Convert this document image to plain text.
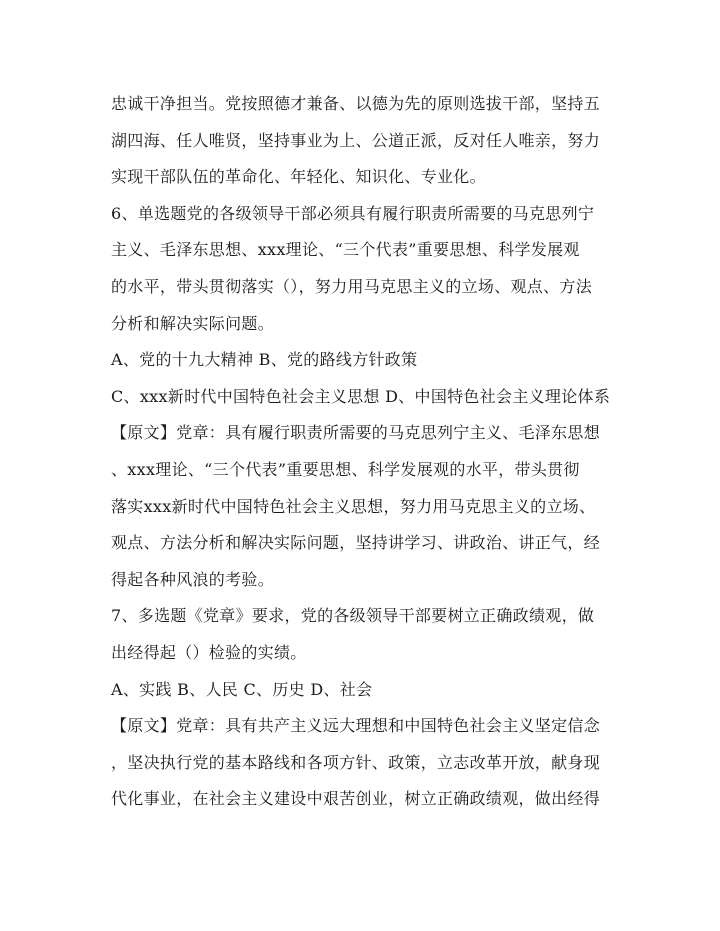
忠诚干净担当。党按照德才兼备、以德为先的原则选拔干部，坚持五
湖四海、任人唯贤，坚持事业为上、公道正派，反对任人唯亲，努力
实现干部队伍的革命化、年轻化、知识化、专业化。
6、单选题党的各级领导干部必须具有履行职责所需要的马克思列宁
主义、毛泽东思想、xxx理论、“三个代表”重要思想、科学发展观
的水平，带头贯彻落实（），努力用马克思主义的立场、观点、方法
分析和解决实际问题。
A、党的十九大精神 B、党的路线方针政策
C、xxx新时代中国特色社会主义思想 D、中国特色社会主义理论体系
【原文】党章：具有履行职责所需要的马克思列宁主义、毛泽东思想
、xxx理论、“三个代表”重要思想、科学发展观的水平，带头贯彻
落实xxx新时代中国特色社会主义思想，努力用马克思主义的立场、
观点、方法分析和解决实际问题，坚持讲学习、讲政治、讲正气，经
得起各种风浪的考验。
7、多选题《党章》要求，党的各级领导干部要树立正确政绩观，做
出经得起（）检验的实绩。
A、实践 B、人民 C、历史 D、社会
【原文】党章：具有共产主义远大理想和中国特色社会主义坚定信念
，坚决执行党的基本路线和各项方针、政策，立志改革开放，献身现
代化事业，在社会主义建设中艰苦创业，树立正确政绩观，做出经得
